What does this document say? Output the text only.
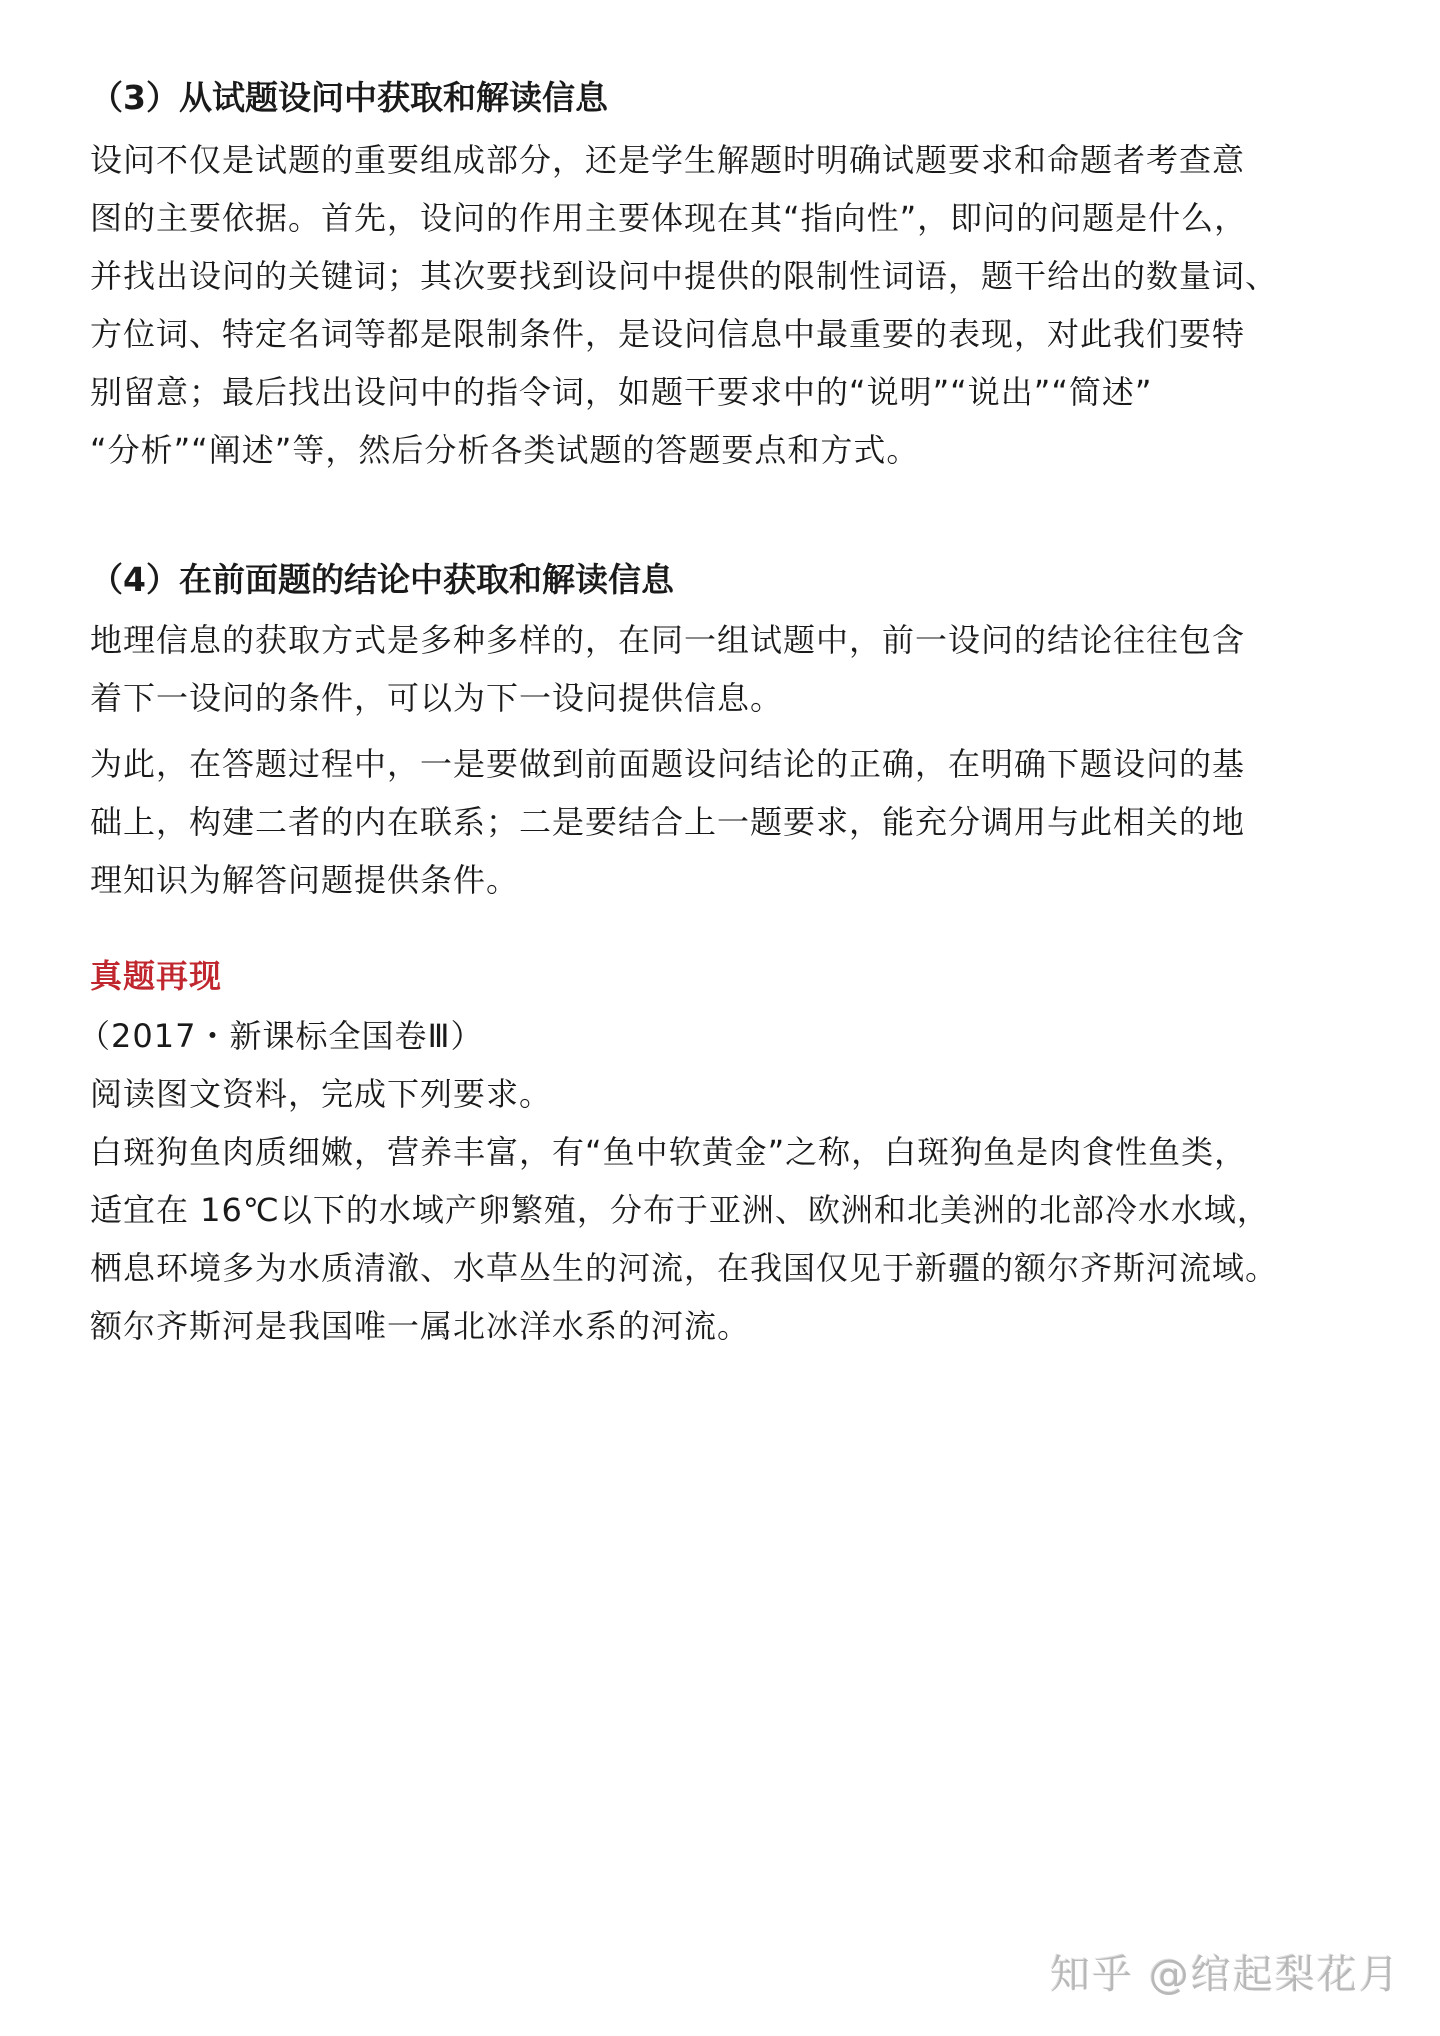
（3）从试题设问中获取和解读信息
设问不仅是试题的重要组成部分，还是学生解题时明确试题要求和命题者考查意
图的主要依据。首先，设问的作用主要体现在其“指向性”，即问的问题是什么，
并找出设问的关键词；其次要找到设问中提供的限制性词语，题干给出的数量词、
方位词、特定名词等都是限制条件，是设问信息中最重要的表现，对此我们要特
别留意；最后找出设问中的指令词，如题干要求中的“说明”“说出”“简述”
“分析”“阐述”等，然后分析各类试题的答题要点和方式。
（4）在前面题的结论中获取和解读信息
地理信息的获取方式是多种多样的，在同一组试题中，前一设问的结论往往包含
着下一设问的条件，可以为下一设问提供信息。
为此，在答题过程中，一是要做到前面题设问结论的正确，在明确下题设问的基
础上，构建二者的内在联系；二是要结合上一题要求，能充分调用与此相关的地
理知识为解答问题提供条件。
真题再现
（2017・新课标全国卷Ⅲ）
阅读图文资料，完成下列要求。
白斑狗鱼肉质细嫩，营养丰富，有“鱼中软黄金”之称，白斑狗鱼是肉食性鱼类，
适宜在 16℃以下的水域产卵繁殖，分布于亚洲、欧洲和北美洲的北部冷水水域，
栖息环境多为水质清澈、水草丛生的河流，在我国仅见于新疆的额尔齐斯河流域。
额尔齐斯河是我国唯一属北冰洋水系的河流。
知乎 @绾起梨花月
